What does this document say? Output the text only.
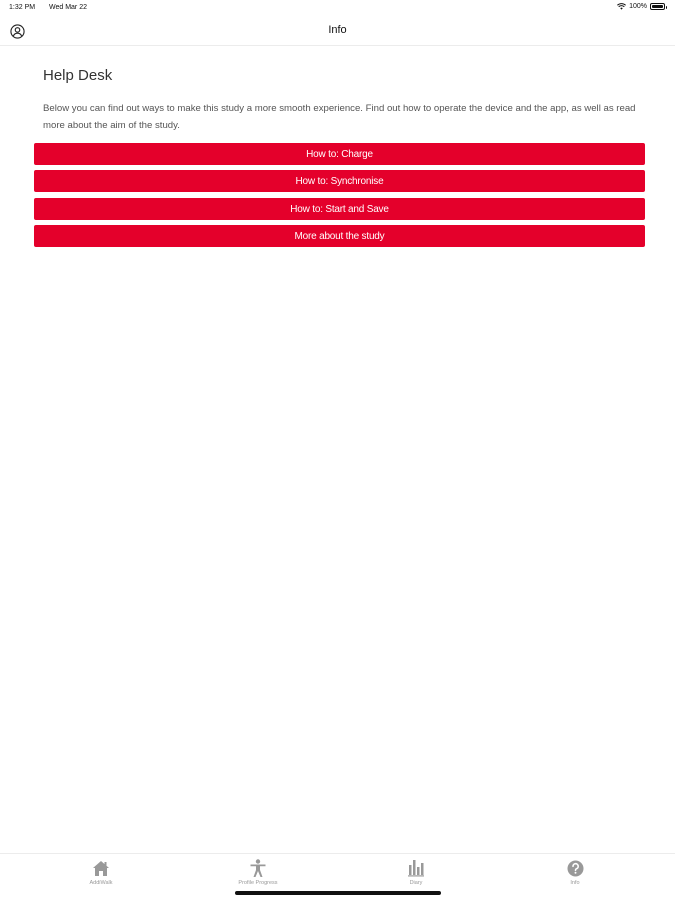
1:32 PM Wed Mar 22	100%
Info
Help Desk

Below you can find out ways to make this study a more smooth experience. Find out how to operate the device and the app, as well as read more about the aim of the study.

How to: Charge
How to: Synchronise
How to: Start and Save
More about the study
AddiWalk	Profile Progress	Diary	Info
